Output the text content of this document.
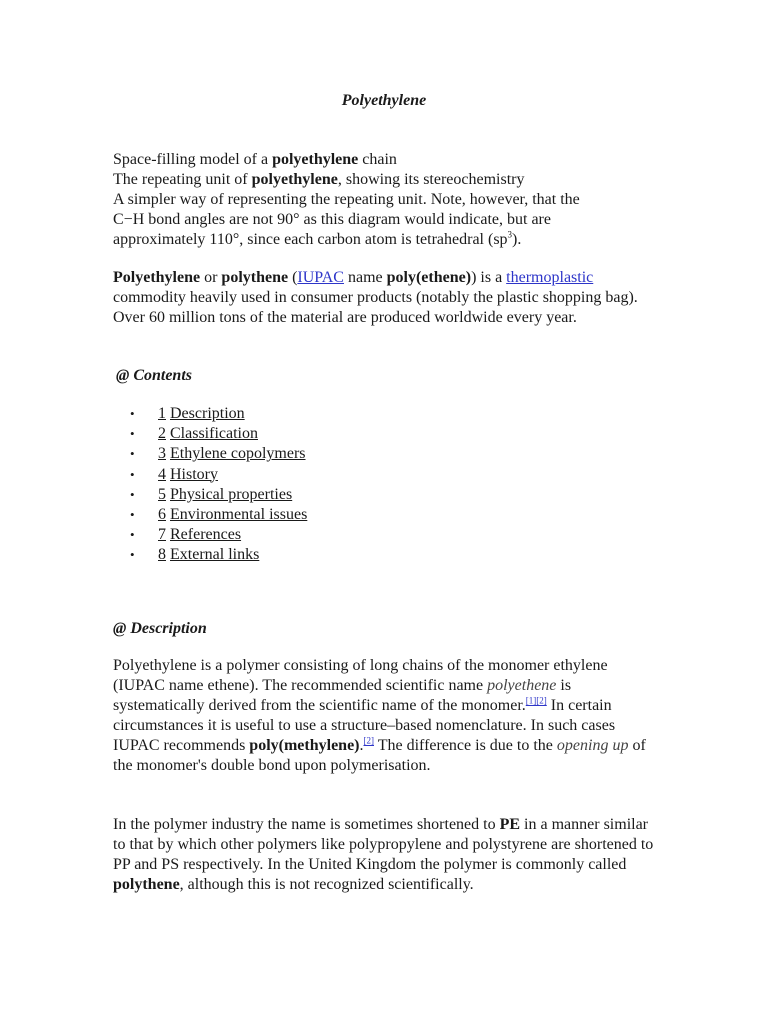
Polyethylene
Space-filling model of a polyethylene chain
The repeating unit of polyethylene, showing its stereochemistry
A simpler way of representing the repeating unit. Note, however, that the
C−H bond angles are not 90° as this diagram would indicate, but are
approximately 110°, since each carbon atom is tetrahedral $(sp^3)$.
Polyethylene or polythene (IUPAC name poly(ethene)) is a thermoplastic commodity heavily used in consumer products (notably the plastic shopping bag). Over 60 million tons of the material are produced worldwide every year.
@ Contents
• 1 Description
• 2 Classification
• 3 Ethylene copolymers
• 4 History
• 5 Physical properties
• 6 Environmental issues
• 7 References
• 8 External links
@ Description
Polyethylene is a polymer consisting of long chains of the monomer ethylene (IUPAC name ethene). The recommended scientific name polyethene is systematically derived from the scientific name of the monomer.[1][2] In certain circumstances it is useful to use a structure–based nomenclature. In such cases IUPAC recommends poly(methylene).[2] The difference is due to the opening up of the monomer's double bond upon polymerisation.
In the polymer industry the name is sometimes shortened to PE in a manner similar to that by which other polymers like polypropylene and polystyrene are shortened to PP and PS respectively. In the United Kingdom the polymer is commonly called polythene, although this is not recognized scientifically.
